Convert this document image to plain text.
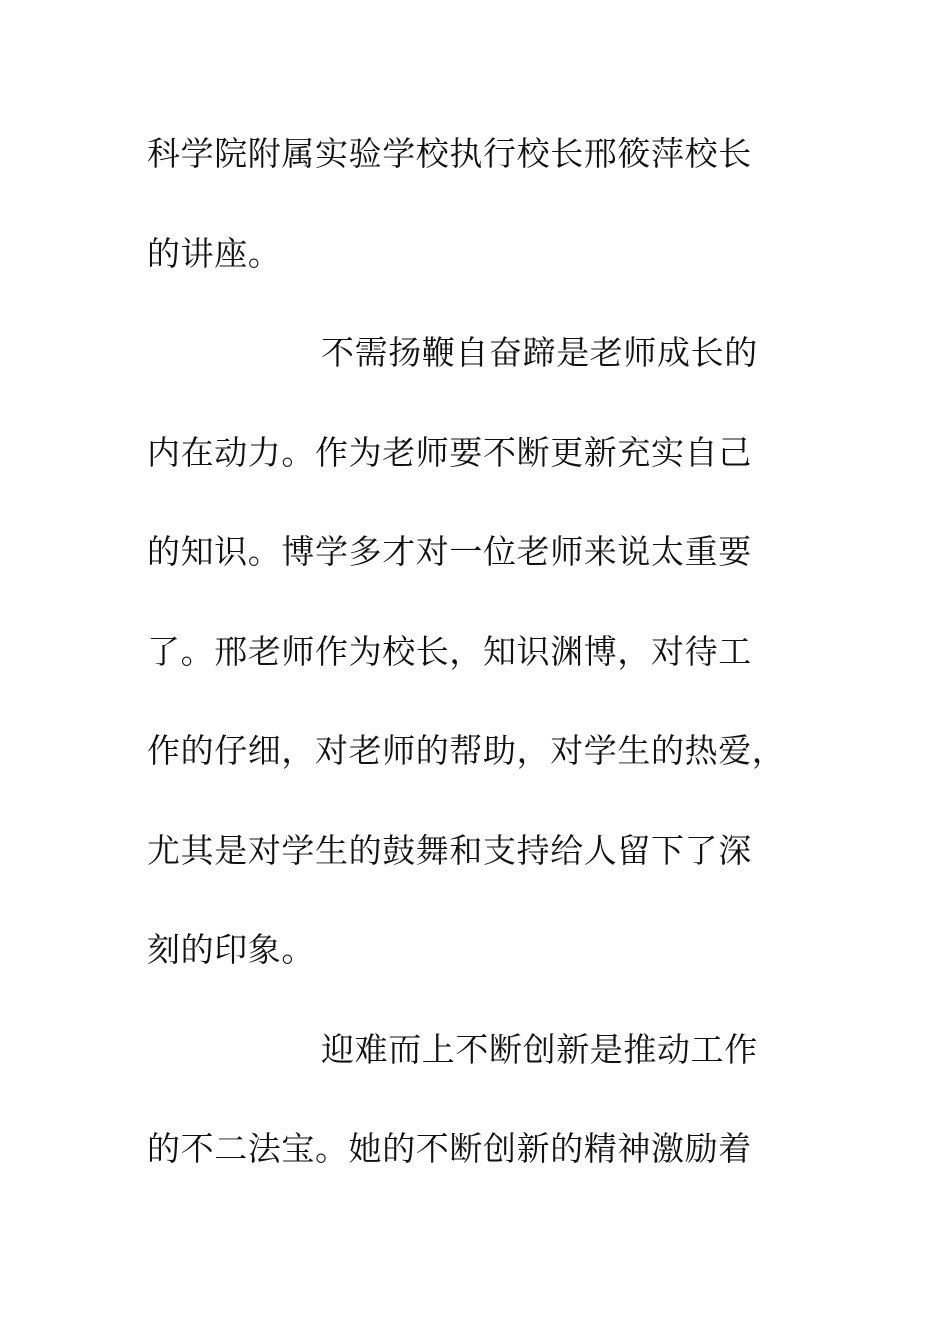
科学院附属实验学校执行校长邢筱萍校长

的讲座。

不需扬鞭自奋蹄是老师成长的

内在动力。作为老师要不断更新充实自己

的知识。博学多才对一位老师来说太重要

了。邢老师作为校长，知识渊博，对待工

作的仔细，对老师的帮助，对学生的热爱，

尤其是对学生的鼓舞和支持给人留下了深

刻的印象。

迎难而上不断创新是推动工作

的不二法宝。她的不断创新的精神激励着
